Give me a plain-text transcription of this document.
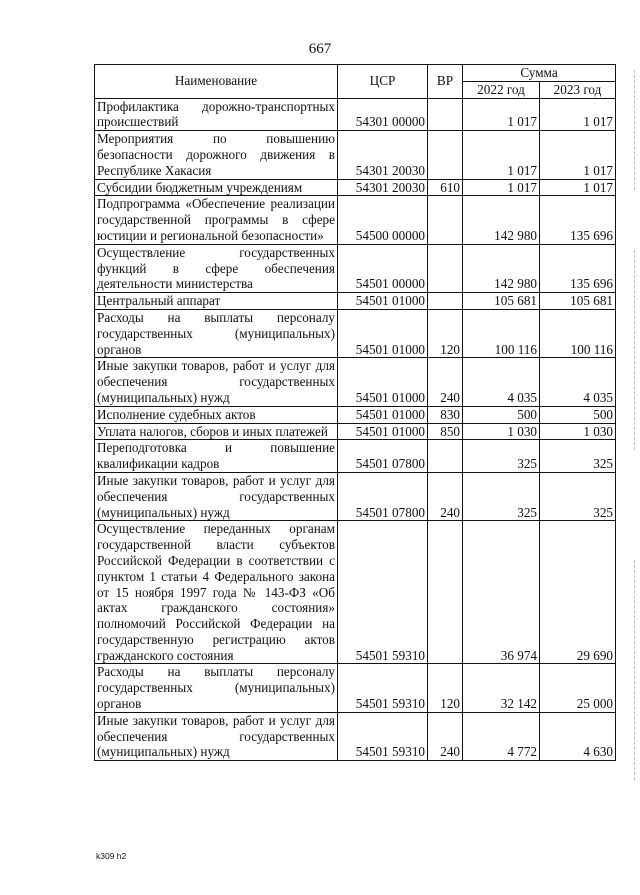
667
Наименование	ЦСР	ВР	Сумма	
			2022 год	2023 год
Профилактика дорожно-транспортных происшествий	54301 00000		1 017	1 017
Мероприятия по повышению безопасности дорожного движения в Республике Хакасия	54301 20030		1 017	1 017
Субсидии бюджетным учреждениям	54301 20030	610	1 017	1 017
Подпрограмма «Обеспечение реализации государственной программы в сфере юстиции и региональной безопасности»	54500 00000		142 980	135 696
Осуществление государственных функций в сфере обеспечения деятельности министерства	54501 00000		142 980	135 696
Центральный аппарат	54501 01000		105 681	105 681
Расходы на выплаты персоналу государственных (муниципальных) органов	54501 01000	120	100 116	100 116
Иные закупки товаров, работ и услуг для обеспечения государственных (муниципальных) нужд	54501 01000	240	4 035	4 035
Исполнение судебных актов	54501 01000	830	500	500
Уплата налогов, сборов и иных платежей	54501 01000	850	1 030	1 030
Переподготовка и повышение квалификации кадров	54501 07800		325	325
Иные закупки товаров, работ и услуг для обеспечения государственных (муниципальных) нужд	54501 07800	240	325	325
Осуществление переданных органам государственной власти субъектов Российской Федерации в соответствии с пунктом 1 статьи 4 Федерального закона от 15 ноября 1997 года № 143-ФЗ «Об актах гражданского состояния» полномочий Российской Федерации на государственную регистрацию актов гражданского состояния	54501 59310		36 974	29 690
Расходы на выплаты персоналу государственных (муниципальных) органов	54501 59310	120	32 142	25 000
Иные закупки товаров, работ и услуг для обеспечения государственных (муниципальных) нужд	54501 59310	240	4 772	4 630
k309 h2
